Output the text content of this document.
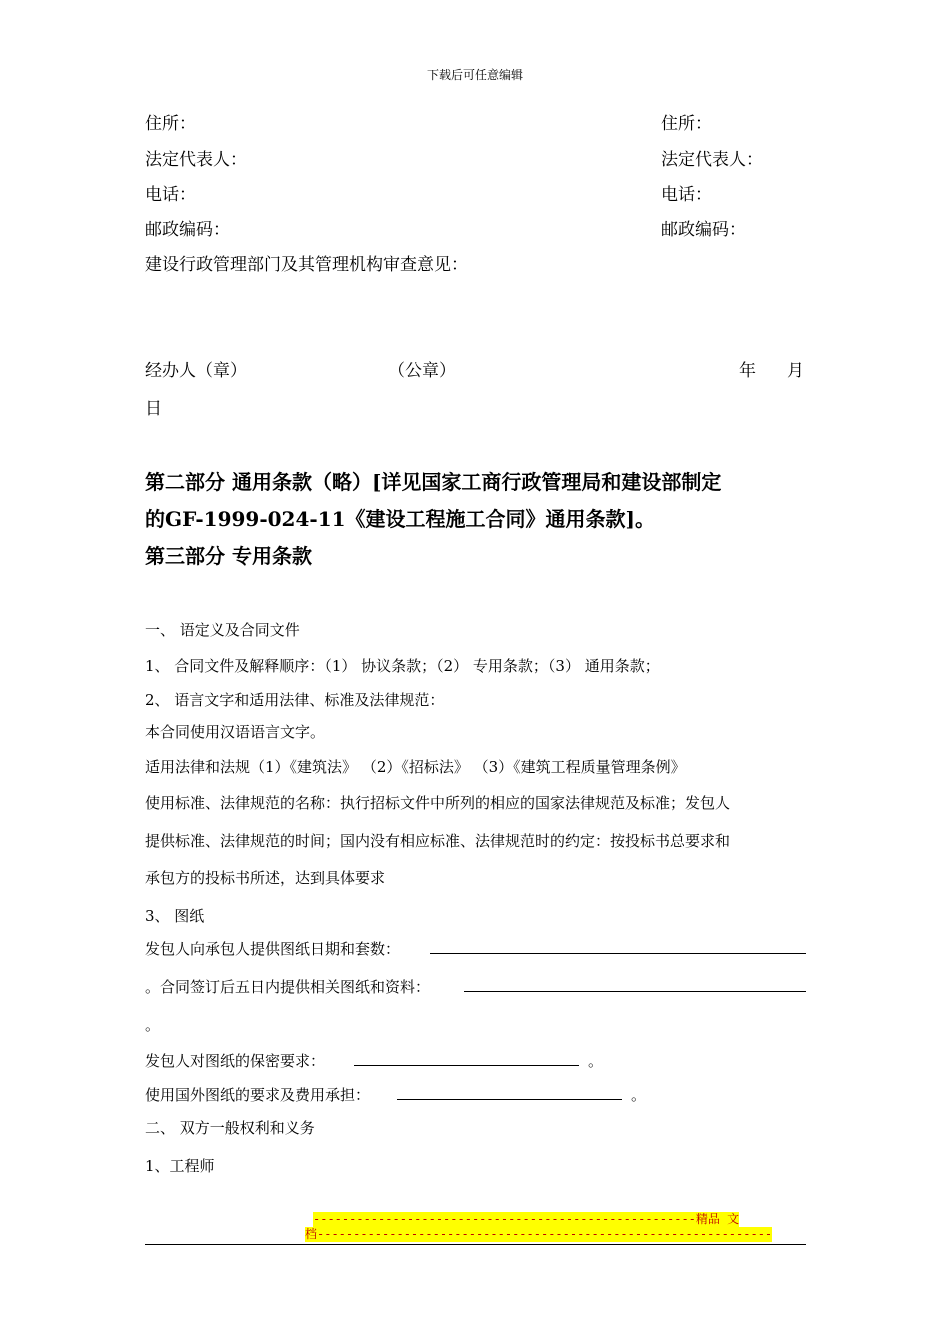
下载后可任意编辑
住所：	住所：
法定代表人：	法定代表人：
电话：	电话：
邮政编码：	邮政编码：
建设行政管理部门及其管理机构审查意见：
经办人（章）	（公章）	年 月
日
第二部分 通用条款（略）[详见国家工商行政管理局和建设部制定
的GF-1999-024-11《建设工程施工合同》通用条款]。
第三部分 专用条款
一、 语定义及合同文件
1、 合同文件及解释顺序：（1） 协议条款；（2） 专用条款；（3） 通用条款；
2、 语言文字和适用法律、标准及法律规范：
本合同使用汉语语言文字。
适用法律和法规（1）《建筑法》 （2）《招标法》 （3）《建筑工程质量管理条例》
使用标准、法律规范的名称：执行招标文件中所列的相应的国家法律规范及标准；发包人
提供标准、法律规范的时间；国内没有相应标准、法律规范时的约定：按投标书总要求和
承包方的投标书所述，达到具体要求
3、 图纸
发包人向承包人提供图纸日期和套数：
。合同签订后五日内提供相关图纸和资料：
。
发包人对图纸的保密要求：	。
使用国外图纸的要求及费用承担：	。
二、 双方一般权利和义务
1、工程师
-----------------------------------------------------精品 文
档---------------------------------------------------------------
